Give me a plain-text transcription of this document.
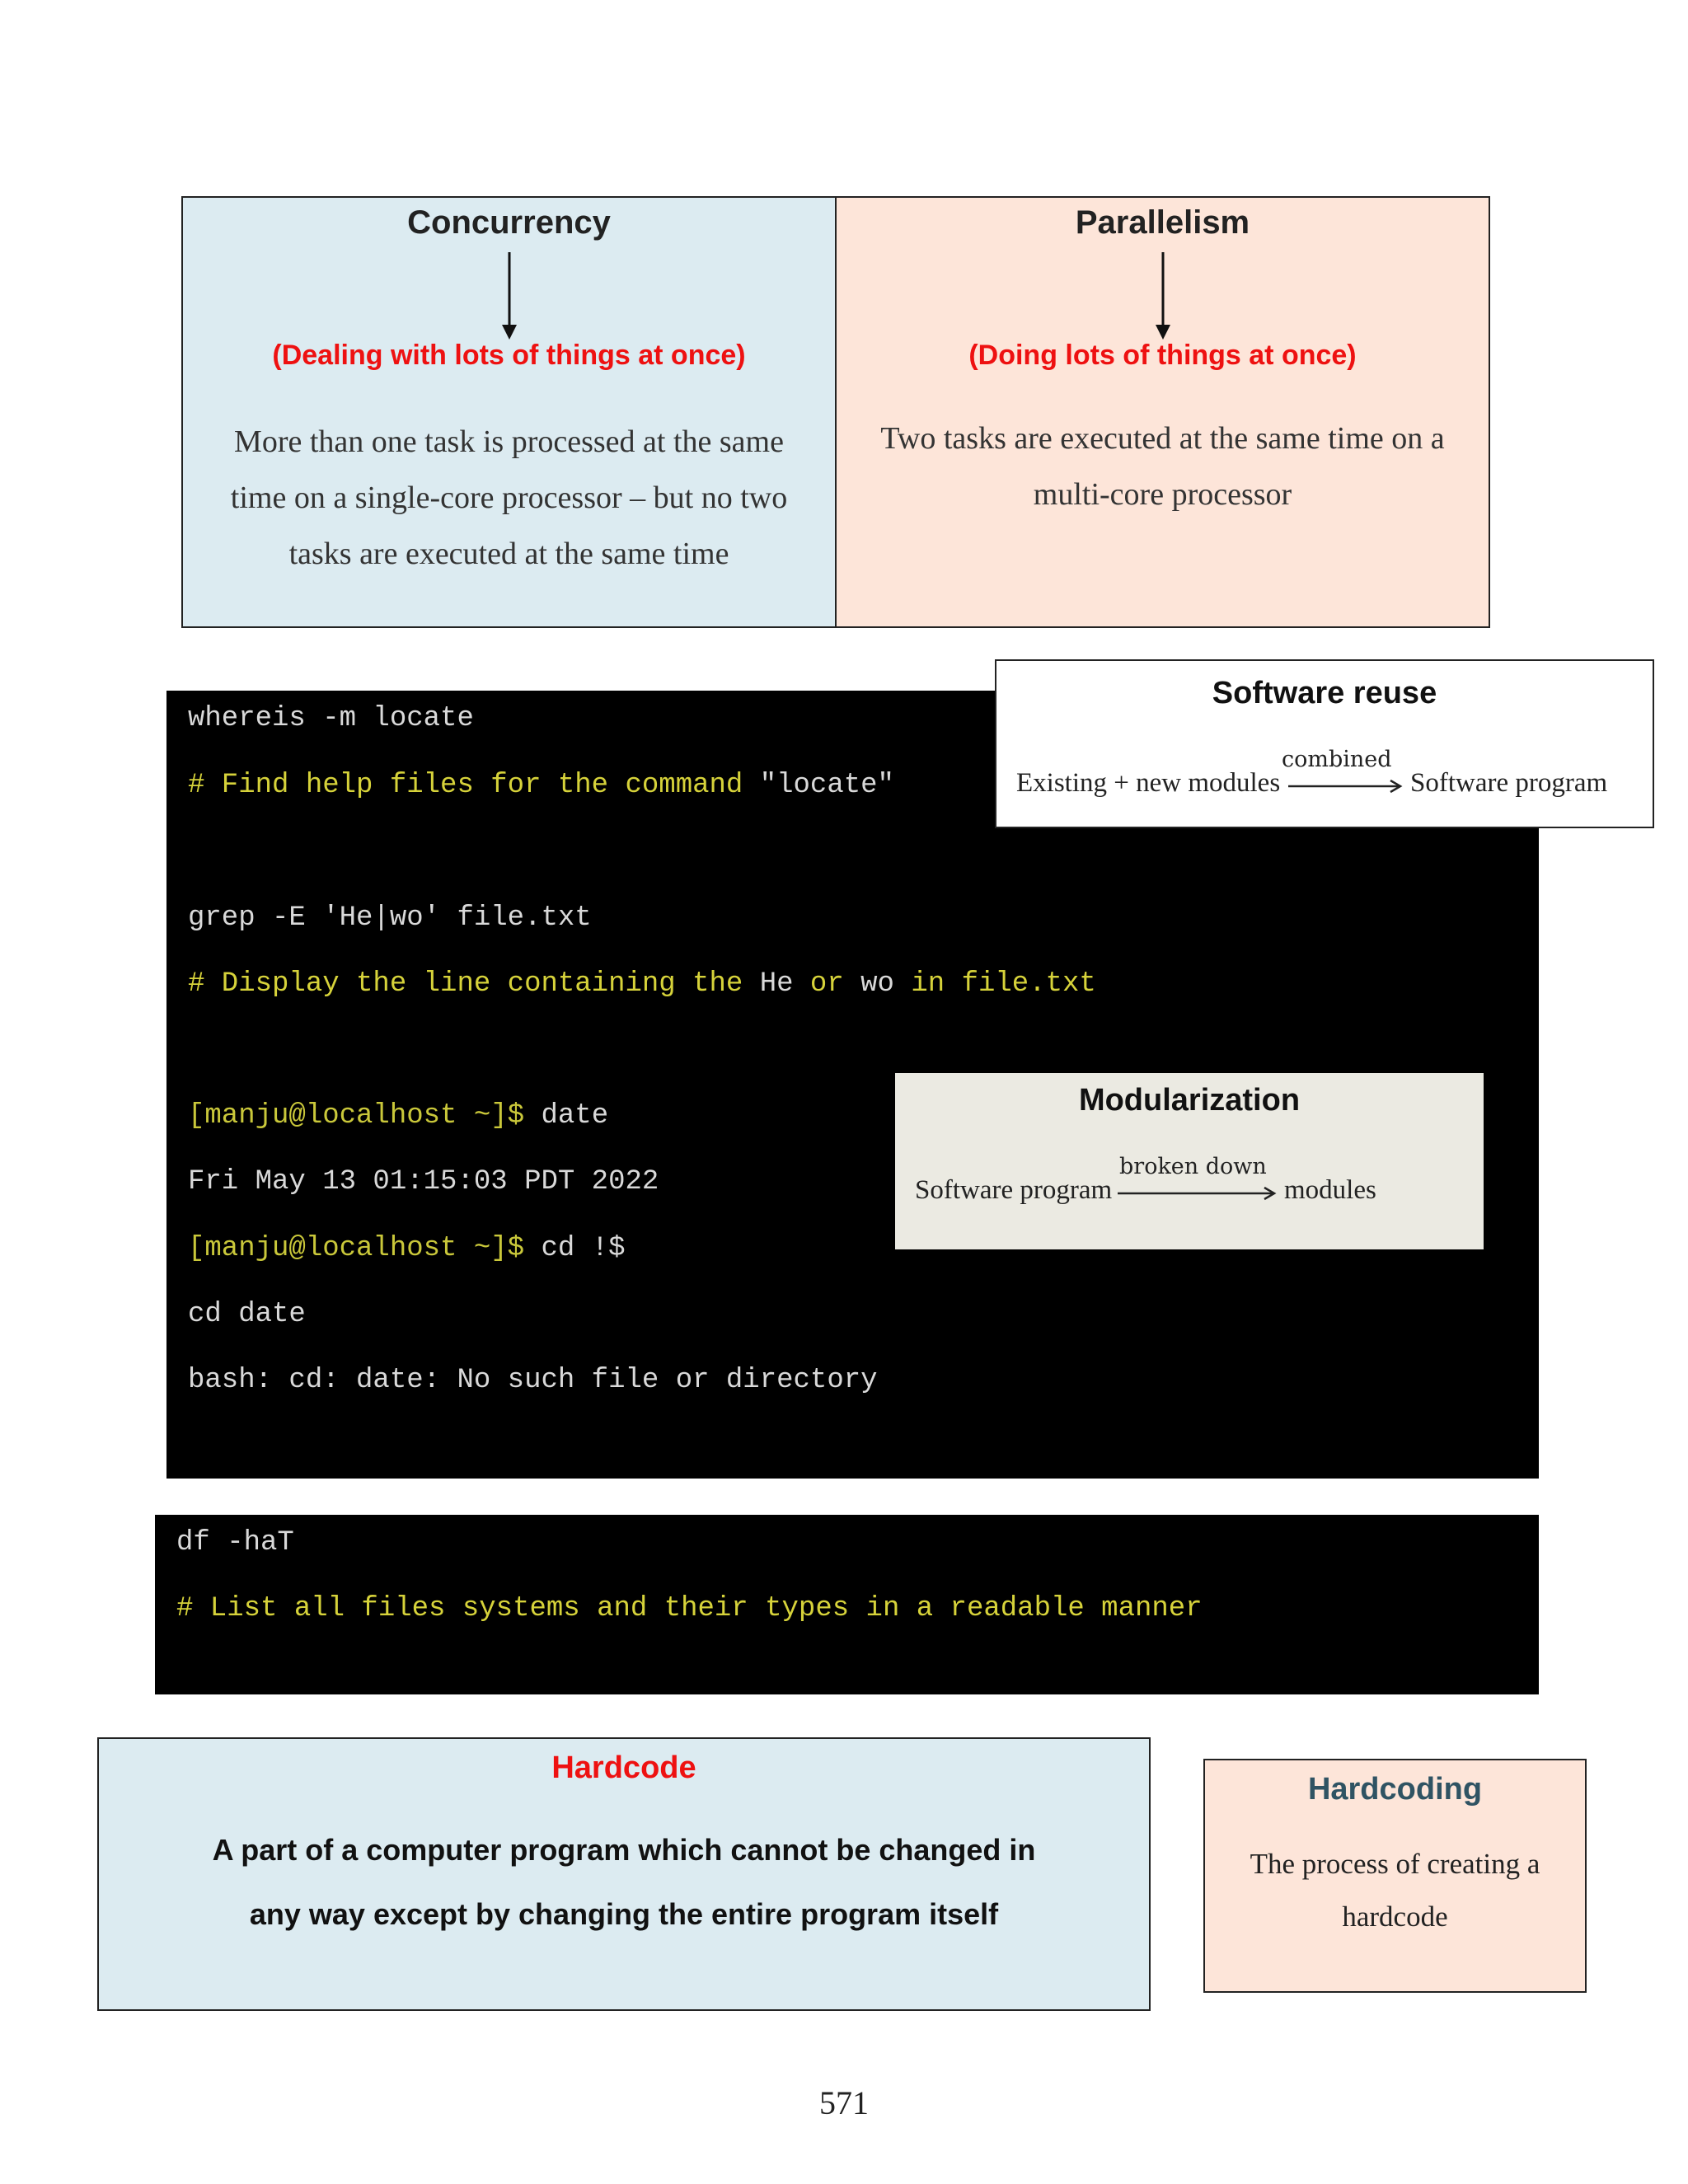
Concurrency
(Dealing with lots of things at once)
More than one task is processed at the same
time on a single-core processor – but no two
tasks are executed at the same time
Parallelism
(Doing lots of things at once)
Two tasks are executed at the same time on a
multi-core processor
whereis -m locate
# Find help files for the command "locate"
grep -E 'He|wo' file.txt
# Display the line containing the He or wo in file.txt
[manju@localhost ~]$ date
Fri May 13 01:15:03 PDT 2022
[manju@localhost ~]$ cd !$
cd date
bash: cd: date: No such file or directory
Software reuse
Existing + new modules
combined
Software program
Modularization
Software program
broken down
modules
df -haT
# List all files systems and their types in a readable manner
Hardcode
A part of a computer program which cannot be changed in
any way except by changing the entire program itself
Hardcoding
The process of creating a
hardcode
571
